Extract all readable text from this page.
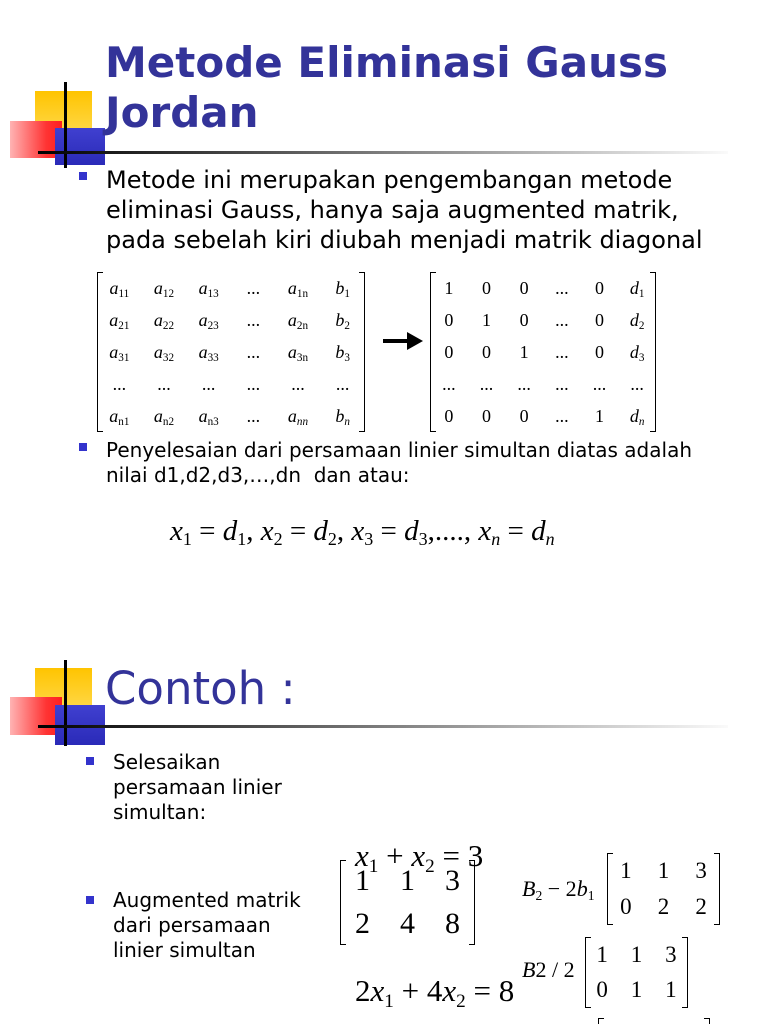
Metode Eliminasi Gauss Jordan
Metode ini merupakan pengembangan metode
eliminasi Gauss, hanya saja augmented matrik,
pada sebelah kiri diubah menjadi matrik diagonal
$a_{11}$ $a_{12}$ $a_{13}$ ... $a_{1n}$ $b_1$
$a_{21}$ $a_{22}$ $a_{23}$ ... $a_{2n}$ $b_2$
$a_{31}$ $a_{32}$ $a_{33}$ ... $a_{3n}$ $b_3$
... ... ... ... ... ...
$a_{n1}$ $a_{n2}$ $a_{n3}$ ... $a_{nn}$ $b_n$
1 0 0 ... 0 $d_1$
0 1 0 ... 0 $d_2$
0 0 1 ... 0 $d_3$
... ... ... ... ... ...
0 0 0 ... 1 $d_n$
Penyelesaian dari persamaan linier simultan diatas adalah
nilai d1,d2,d3,…,dn  dan atau:
$x_1 = d_1$, $x_2 = d_2$, $x_3 = d_3$,...., $x_n = d_n$
Contoh :
Selesaikan
persamaan linier
simultan:

$x_1 + x_2 = 3$

$2x_1 + 4x_2 = 8$

Augmented matrik
dari persamaan
linier simultan
1 1 3
2 4 8
$B_2 - 2b_1$
1 1 3
0 2 2
B2 / 2
1 1 3
0 1 1
